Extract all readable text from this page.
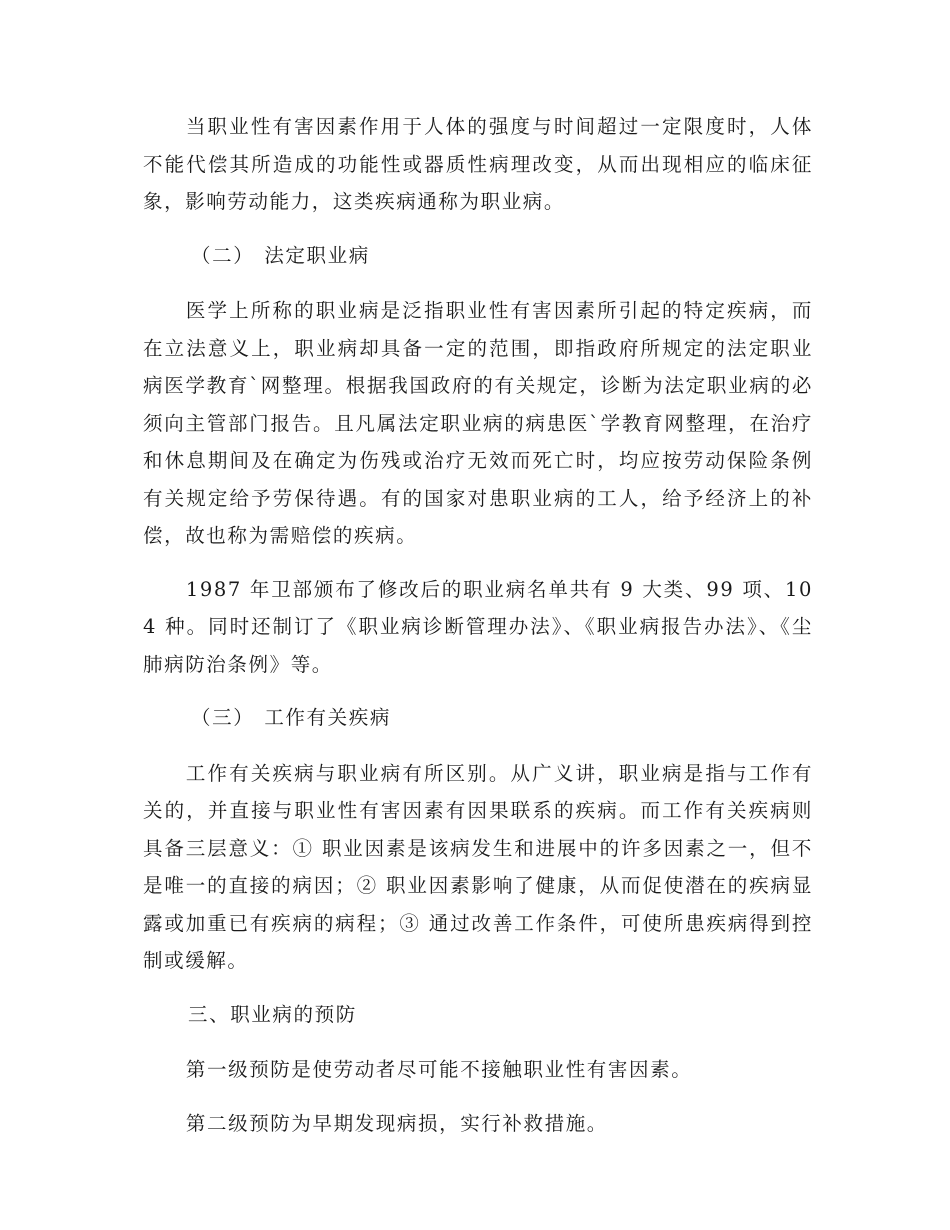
当职业性有害因素作用于人体的强度与时间超过一定限度时，人体不能代偿其所造成的功能性或器质性病理改变，从而出现相应的临床征象，影响劳动能力，这类疾病通称为职业病。

（二） 法定职业病

医学上所称的职业病是泛指职业性有害因素所引起的特定疾病，而在立法意义上，职业病却具备一定的范围，即指政府所规定的法定职业病医学教育`网整理。根据我国政府的有关规定，诊断为法定职业病的必须向主管部门报告。且凡属法定职业病的病患医`学教育网整理，在治疗和休息期间及在确定为伤残或治疗无效而死亡时，均应按劳动保险条例有关规定给予劳保待遇。有的国家对患职业病的工人，给予经济上的补偿，故也称为需赔偿的疾病。

1987 年卫部颁布了修改后的职业病名单共有 9 大类、99 项、104 种。同时还制订了《职业病诊断管理办法》、《职业病报告办法》、《尘肺病防治条例》等。

（三） 工作有关疾病

工作有关疾病与职业病有所区别。从广义讲，职业病是指与工作有关的，并直接与职业性有害因素有因果联系的疾病。而工作有关疾病则具备三层意义：① 职业因素是该病发生和进展中的许多因素之一，但不是唯一的直接的病因；② 职业因素影响了健康，从而促使潜在的疾病显露或加重已有疾病的病程；③ 通过改善工作条件，可使所患疾病得到控制或缓解。

三、职业病的预防

第一级预防是使劳动者尽可能不接触职业性有害因素。

第二级预防为早期发现病损，实行补救措施。
